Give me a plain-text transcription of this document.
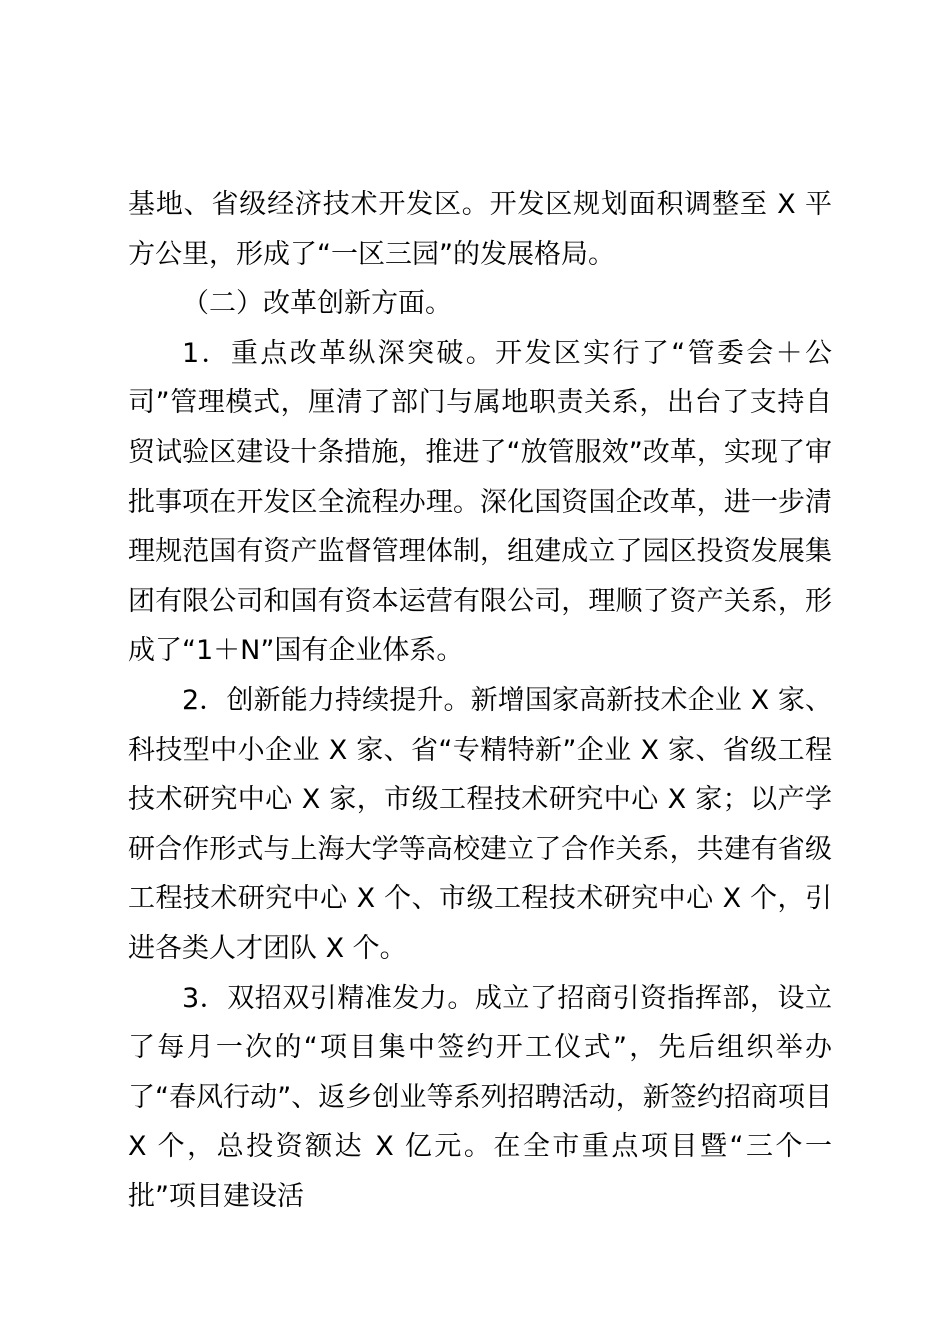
基地、省级经济技术开发区。开发区规划面积调整至 X 平方公里，形成了“一区三园”的发展格局。

（二）改革创新方面。

1．重点改革纵深突破。开发区实行了“管委会＋公司”管理模式，厘清了部门与属地职责关系，出台了支持自贸试验区建设十条措施，推进了“放管服效”改革，实现了审批事项在开发区全流程办理。深化国资国企改革，进一步清理规范国有资产监督管理体制，组建成立了园区投资发展集团有限公司和国有资本运营有限公司，理顺了资产关系，形成了“1＋N”国有企业体系。

2．创新能力持续提升。新增国家高新技术企业 X 家、科技型中小企业 X 家、省“专精特新”企业 X 家、省级工程技术研究中心 X 家，市级工程技术研究中心 X 家；以产学研合作形式与上海大学等高校建立了合作关系，共建有省级工程技术研究中心 X 个、市级工程技术研究中心 X 个，引进各类人才团队 X 个。

3．双招双引精准发力。成立了招商引资指挥部，设立了每月一次的“项目集中签约开工仪式”，先后组织举办了“春风行动”、返乡创业等系列招聘活动，新签约招商项目 X 个，总投资额达 X 亿元。在全市重点项目暨“三个一批”项目建设活
